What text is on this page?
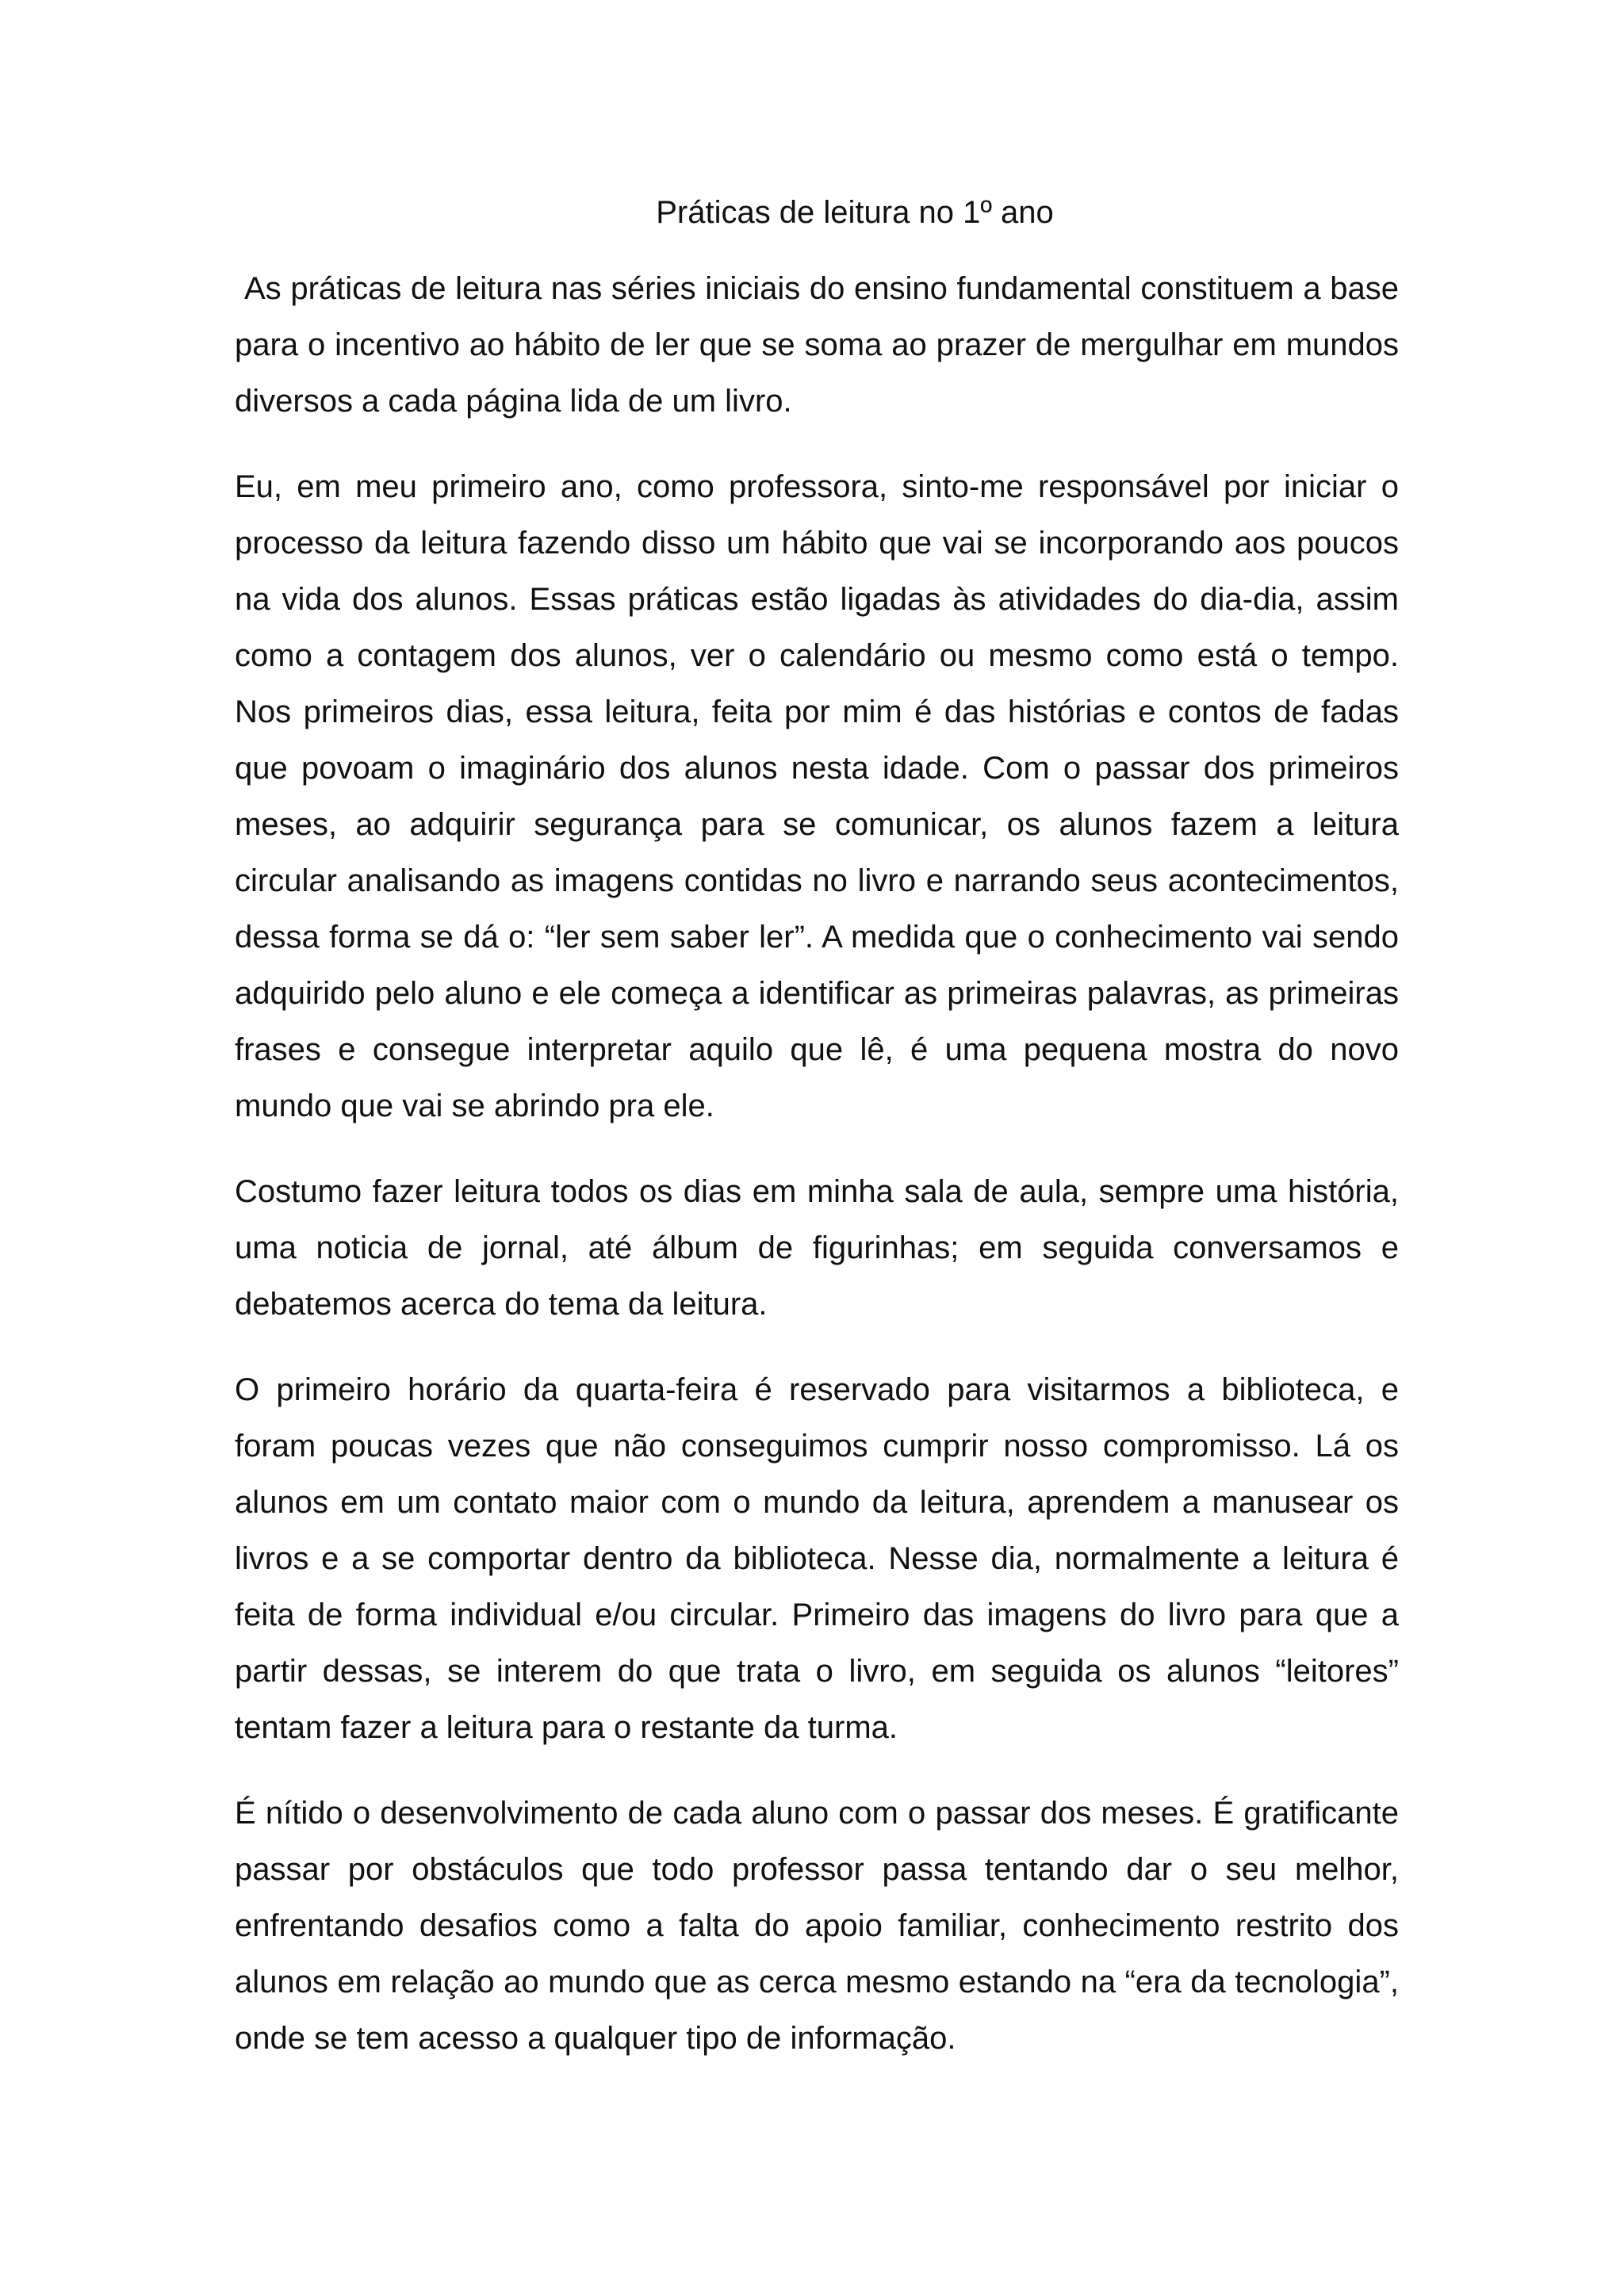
Práticas de leitura no 1º ano

As práticas de leitura nas séries iniciais do ensino fundamental constituem a base para o incentivo ao hábito de ler que se soma ao prazer de mergulhar em mundos diversos a cada página lida de um livro.

Eu, em meu primeiro ano, como professora, sinto-me responsável por iniciar o processo da leitura fazendo disso um hábito que vai se incorporando aos poucos na vida dos alunos. Essas práticas estão ligadas às atividades do dia-dia, assim como a contagem dos alunos, ver o calendário ou mesmo como está o tempo. Nos primeiros dias, essa leitura, feita por mim é das histórias e contos de fadas que povoam o imaginário dos alunos nesta idade. Com o passar dos primeiros meses, ao adquirir segurança para se comunicar, os alunos fazem a leitura circular analisando as imagens contidas no livro e narrando seus acontecimentos, dessa forma se dá o: “ler sem saber ler”. A medida que o conhecimento vai sendo adquirido pelo aluno e ele começa a identificar as primeiras palavras, as primeiras frases e consegue interpretar aquilo que lê, é uma pequena mostra do novo mundo que vai se abrindo pra ele.

Costumo fazer leitura todos os dias em minha sala de aula, sempre uma história, uma noticia de jornal, até álbum de figurinhas; em seguida conversamos e debatemos acerca do tema da leitura.

O primeiro horário da quarta-feira é reservado para visitarmos a biblioteca, e foram poucas vezes que não conseguimos cumprir nosso compromisso. Lá os alunos em um contato maior com o mundo da leitura, aprendem a manusear os livros e a se comportar dentro da biblioteca. Nesse dia, normalmente a leitura é feita de forma individual e/ou circular. Primeiro das imagens do livro para que a partir dessas, se interem do que trata o livro, em seguida os alunos “leitores” tentam fazer a leitura para o restante da turma.

É nítido o desenvolvimento de cada aluno com o passar dos meses. É gratificante passar por obstáculos que todo professor passa tentando dar o seu melhor, enfrentando desafios como a falta do apoio familiar, conhecimento restrito dos alunos em relação ao mundo que as cerca mesmo estando na “era da tecnologia”, onde se tem acesso a qualquer tipo de informação.
